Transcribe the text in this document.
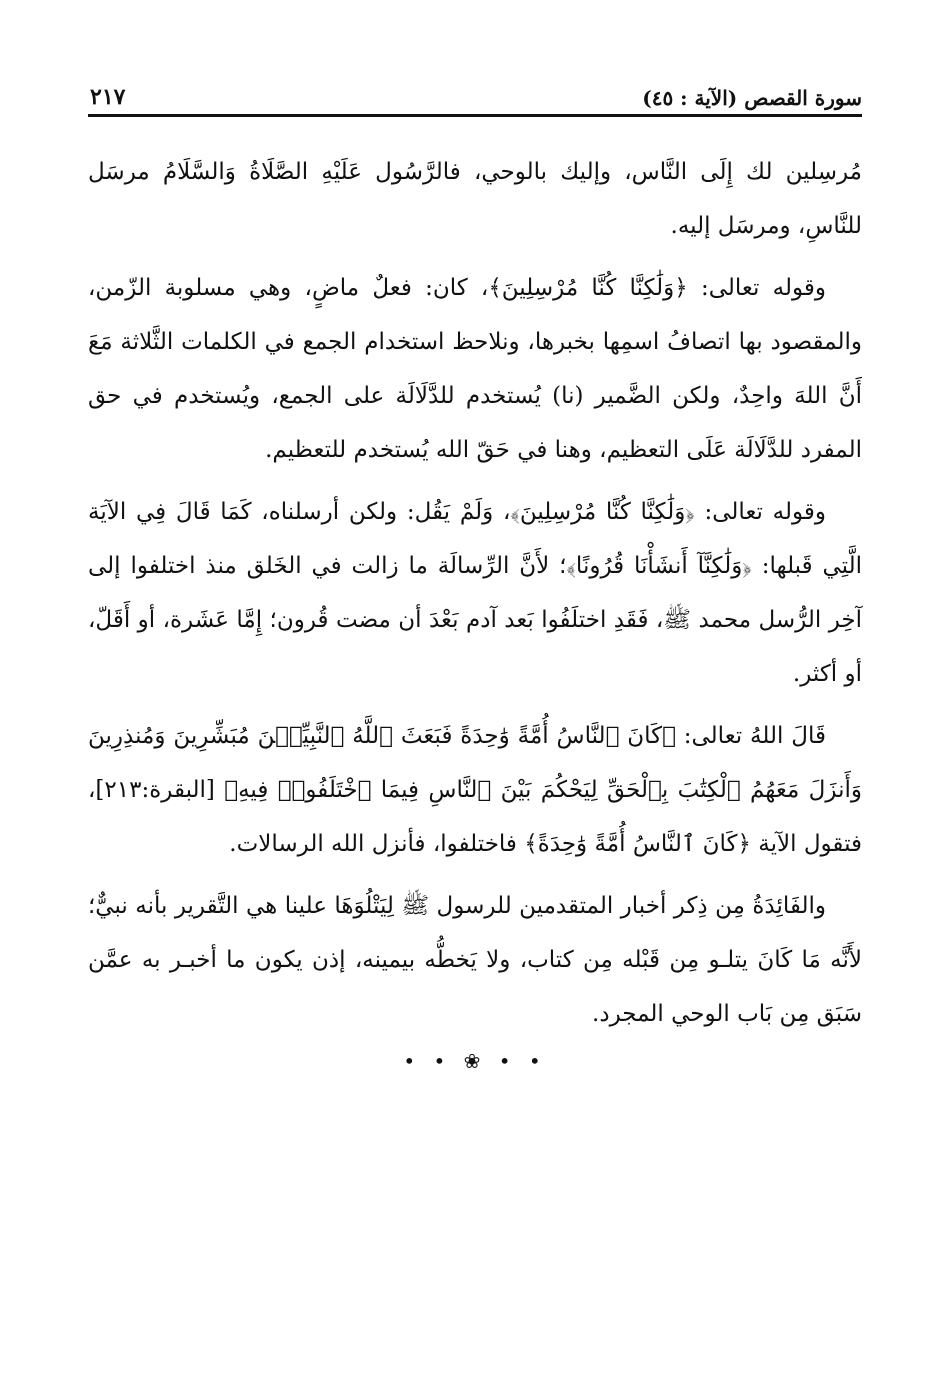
سورة القصص (الآية : ٤٥)
٢١٧

مُرسِلين لك إِلَى النَّاس، وإليك بالوحي، فالرَّسُول عَلَيْهِ الصَّلَاةُ وَالسَّلَامُ مرسَل للنَّاسِ، ومرسَل إليه.

وقوله تعالى: ﴿وَلَٰكِنَّا كُنَّا مُرْسِلِينَ﴾، كان: فعلٌ ماضٍ، وهي مسلوبة الزّمن، والمقصود بها اتصافُ اسمِها بخبرها، ونلاحظ استخدام الجمع في الكلمات الثَّلاثة مَعَ أَنَّ اللهَ واحِدٌ، ولكن الضَّمير (نا) يُستخدم للدَّلَالَة على الجمع، ويُستخدم في حق المفرد للدَّلَالَة عَلَى التعظيم، وهنا في حَقّ الله يُستخدم للتعظيم.

وقوله تعالى: ﴿وَلَٰكِنَّا كُنَّا مُرْسِلِينَ﴾، وَلَمْ يَقُل: ولكن أرسلناه، كَمَا قَالَ فِي الآيَة الَّتِي قَبلها: ﴿وَلَٰكِنَّآ أَنشَأْنَا قُرُونًا﴾؛ لأَنَّ الرِّسالَة ما زالت في الخَلق منذ اختلفوا إلى آخِر الرُّسل محمد ﷺ، فَقَدِ اختلَفُوا بَعد آدم بَعْدَ أن مضت قُرون؛ إِمَّا عَشَرة، أو أَقَلّ، أو أكثر.

قَالَ اللهُ تعالى: ﴿كَانَ ٱلنَّاسُ أُمَّةً وَٰحِدَةً فَبَعَثَ ٱللَّهُ ٱلنَّبِيِّـۧنَ مُبَشِّرِينَ وَمُنذِرِينَ وَأَنزَلَ مَعَهُمُ ٱلْكِتَٰبَ بِٱلْحَقِّ لِيَحْكُمَ بَيْنَ ٱلنَّاسِ فِيمَا ٱخْتَلَفُوا۟ فِيهِ﴾ [البقرة:٢١٣]، فتقول الآية ﴿كَانَ ٱلنَّاسُ أُمَّةً وَٰحِدَةً﴾ فاختلفوا، فأنزل الله الرسالات.

والفَائِدَةُ مِن ذِكر أخبار المتقدمين للرسول ﷺ لِيَتْلُوَهَا علينا هي التَّقرير بأنه نبيٌّ؛ لأَنَّه مَا كَانَ يتلـو مِن قَبْله مِن كتاب، ولا يَخطُّه بيمينه، إذن يكون ما أخبـر به عمَّن سَبَق مِن بَاب الوحي المجرد.

• • ❀ • •
